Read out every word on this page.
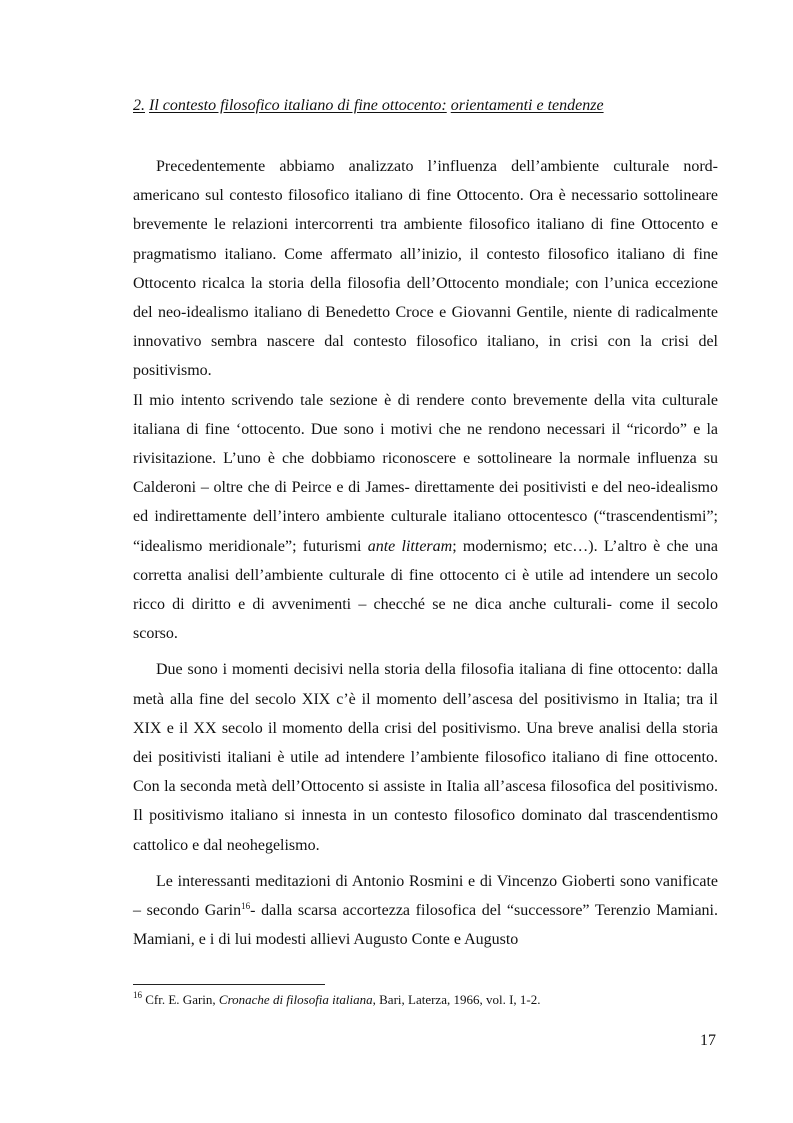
2. Il contesto filosofico italiano di fine ottocento: orientamenti e tendenze

Precedentemente abbiamo analizzato l’influenza dell’ambiente culturale nord-americano sul contesto filosofico italiano di fine Ottocento. Ora è necessario sottolineare brevemente le relazioni intercorrenti tra ambiente filosofico italiano di fine Ottocento e pragmatismo italiano. Come affermato all’inizio, il contesto filosofico italiano di fine Ottocento ricalca la storia della filosofia dell’Ottocento mondiale; con l’unica eccezione del neo-idealismo italiano di Benedetto Croce e Giovanni Gentile, niente di radicalmente innovativo sembra nascere dal contesto filosofico italiano, in crisi con la crisi del positivismo.

Il mio intento scrivendo tale sezione è di rendere conto brevemente della vita culturale italiana di fine ‘ottocento. Due sono i motivi che ne rendono necessari il “ricordo” e la rivisitazione. L’uno è che dobbiamo riconoscere e sottolineare la normale influenza su Calderoni – oltre che di Peirce e di James- direttamente dei positivisti e del neo-idealismo ed indirettamente dell’intero ambiente culturale italiano ottocentesco (“trascendentismi”; “idealismo meridionale”; futurismi ante litteram; modernismo; etc…). L’altro è che una corretta analisi dell’ambiente culturale di fine ottocento ci è utile ad intendere un secolo ricco di diritto e di avvenimenti – checché se ne dica anche culturali- come il secolo scorso.

Due sono i momenti decisivi nella storia della filosofia italiana di fine ottocento: dalla metà alla fine del secolo XIX c’è il momento dell’ascesa del positivismo in Italia; tra il XIX e il XX secolo il momento della crisi del positivismo. Una breve analisi della storia dei positivisti italiani è utile ad intendere l’ambiente filosofico italiano di fine ottocento. Con la seconda metà dell’Ottocento si assiste in Italia all’ascesa filosofica del positivismo. Il positivismo italiano si innesta in un contesto filosofico dominato dal trascendentismo cattolico e dal neohegelismo.

Le interessanti meditazioni di Antonio Rosmini e di Vincenzo Gioberti sono vanificate – secondo Garin$^{16}$- dalla scarsa accortezza filosofica del “successore” Terenzio Mamiani. Mamiani, e i di lui modesti allievi Augusto Conte e Augusto

$^{16}$ Cfr. E. Garin, Cronache di filosofia italiana, Bari, Laterza, 1966, vol. I, 1-2.
17
